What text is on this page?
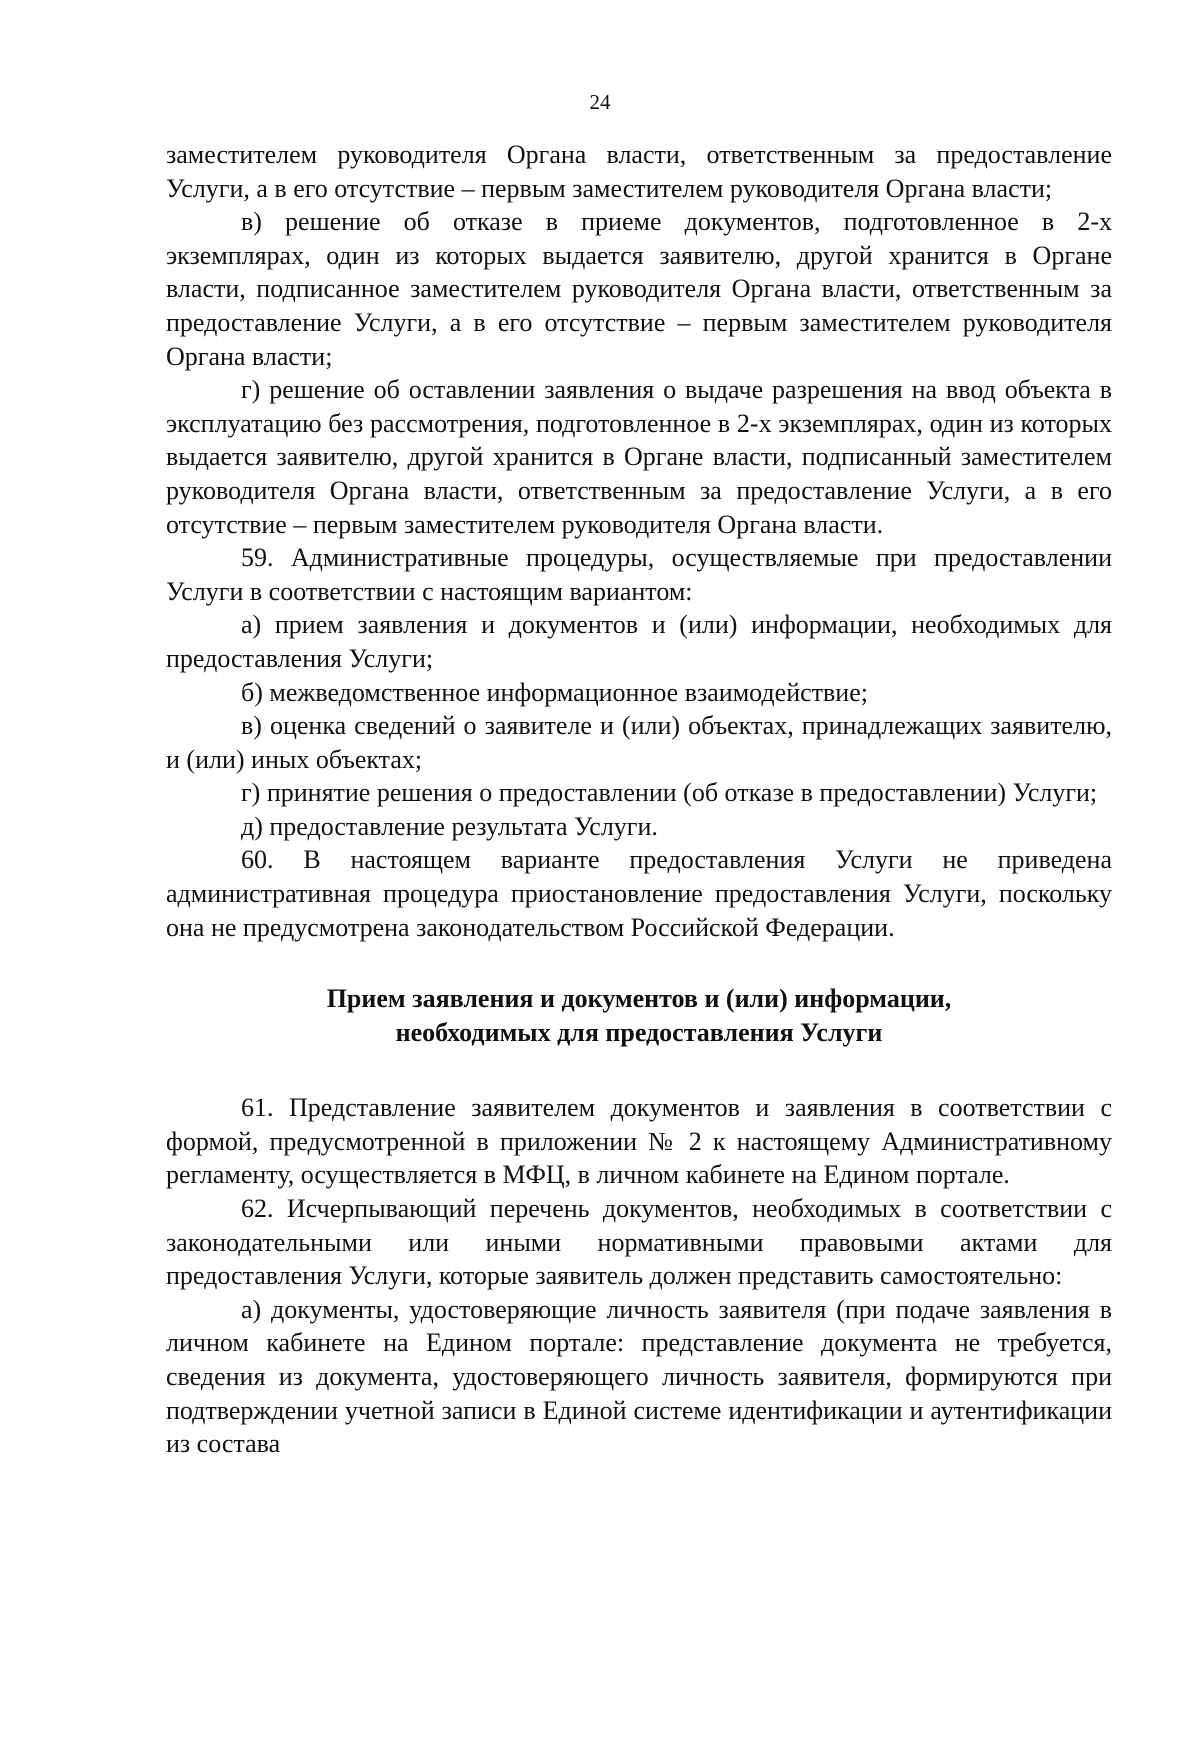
24

заместителем руководителя Органа власти, ответственным за предоставление Услуги, а в его отсутствие – первым заместителем руководителя Органа власти;

в) решение об отказе в приеме документов, подготовленное в 2-х экземплярах, один из которых выдается заявителю, другой хранится в Органе власти, подписанное заместителем руководителя Органа власти, ответственным за предоставление Услуги, а в его отсутствие – первым заместителем руководителя Органа власти;

г) решение об оставлении заявления о выдаче разрешения на ввод объекта в эксплуатацию без рассмотрения, подготовленное в 2-х экземплярах, один из которых выдается заявителю, другой хранится в Органе власти, подписанный заместителем руководителя Органа власти, ответственным за предоставление Услуги, а в его отсутствие – первым заместителем руководителя Органа власти.

59. Административные процедуры, осуществляемые при предоставлении Услуги в соответствии с настоящим вариантом:

а) прием заявления и документов и (или) информации, необходимых для предоставления Услуги;

б) межведомственное информационное взаимодействие;

в) оценка сведений о заявителе и (или) объектах, принадлежащих заявителю, и (или) иных объектах;

г) принятие решения о предоставлении (об отказе в предоставлении) Услуги;

д) предоставление результата Услуги.

60. В настоящем варианте предоставления Услуги не приведена административная процедура приостановление предоставления Услуги, поскольку она не предусмотрена законодательством Российской Федерации.

Прием заявления и документов и (или) информации,
необходимых для предоставления Услуги

61. Представление заявителем документов и заявления в соответствии с формой, предусмотренной в приложении № 2 к настоящему Административному регламенту, осуществляется в МФЦ, в личном кабинете на Едином портале.

62. Исчерпывающий перечень документов, необходимых в соответствии с законодательными или иными нормативными правовыми актами для предоставления Услуги, которые заявитель должен представить самостоятельно:

а) документы, удостоверяющие личность заявителя (при подаче заявления в личном кабинете на Едином портале: представление документа не требуется, сведения из документа, удостоверяющего личность заявителя, формируются при подтверждении учетной записи в Единой системе идентификации и аутентификации из состава
